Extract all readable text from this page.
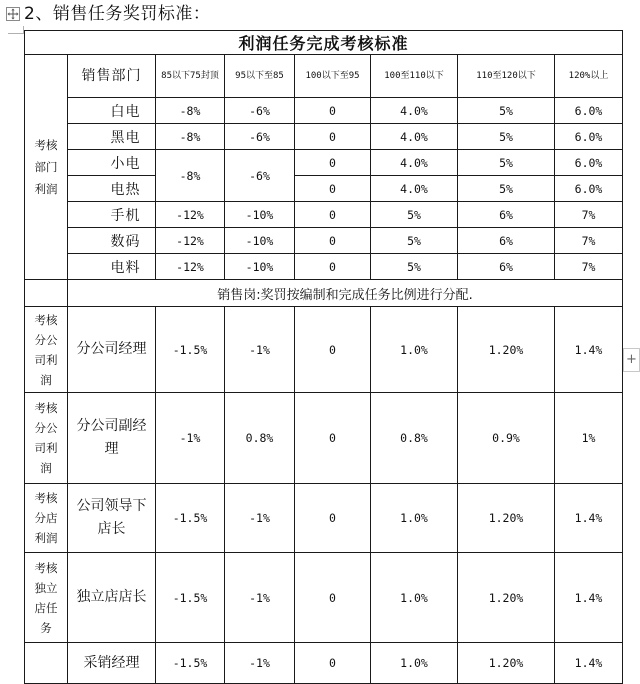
2、销售任务奖罚标准：
利润任务完成考核标准							
考核部门利润	销售部门	85以下75封顶	95以下至85	100以下至95	100至110以下	110至120以下	120%以上
	白电	-8%	-6%	0	4.0%	5%	6.0%
	黑电	-8%	-6%	0	4.0%	5%	6.0%
	小电	-8%	-6%	0	4.0%	5%	6.0%
	电热			0	4.0%	5%	6.0%
	手机	-12%	-10%	0	5%	6%	7%
	数码	-12%	-10%	0	5%	6%	7%
	电料	-12%	-10%	0	5%	6%	7%
	销售岗:奖罚按编制和完成任务比例进行分配.						
考核分公司利润	分公司经理	-1.5%	-1%	0	1.0%	1.20%	1.4%
考核分公司利润	分公司副经理	-1%	0.8%	0	0.8%	0.9%	1%
考核分店利润	公司领导下店长	-1.5%	-1%	0	1.0%	1.20%	1.4%
考核独立店任务	独立店店长	-1.5%	-1%	0	1.0%	1.20%	1.4%
	采销经理	-1.5%	-1%	0	1.0%	1.20%	1.4%
+
